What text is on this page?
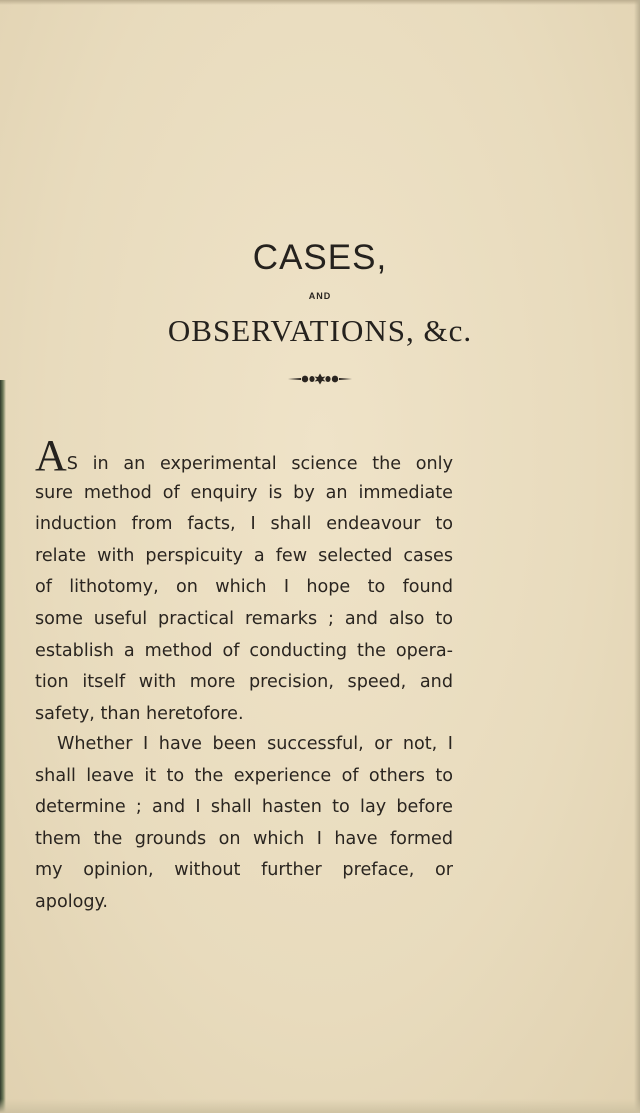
CASES,
AND
OBSERVATIONS, &c.
AS in an experimental science the only
sure method of enquiry is by an immediate
induction from facts, I shall endeavour to
relate with perspicuity a few selected cases
of lithotomy, on which I hope to found
some useful practical remarks ; and also to
establish a method of conducting the opera-
tion itself with more precision, speed, and
safety, than heretofore.
Whether I have been successful, or not, I
shall leave it to the experience of others to
determine ; and I shall hasten to lay before
them the grounds on which I have formed
my opinion, without further preface, or
apology.
